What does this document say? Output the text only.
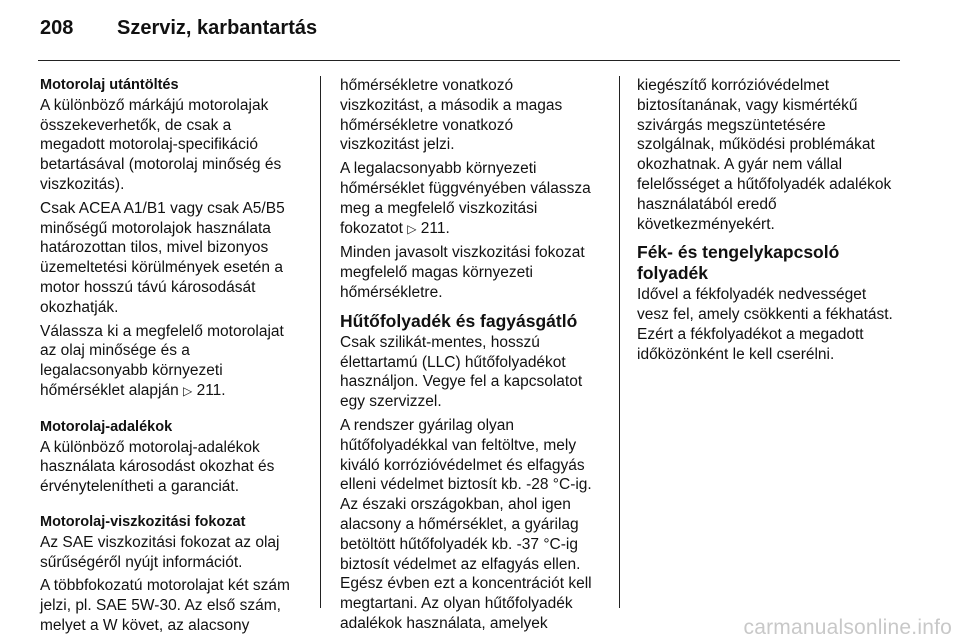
208 Szerviz, karbantartás
Motorolaj utántöltés

A különböző márkájú motorolajak
összekeverhetők, de csak a
megadott motorolaj-specifikáció
betartásával (motorolaj minőség és
viszkozitás).

Csak ACEA A1/B1 vagy csak A5/B5
minőségű motorolajok használata
határozottan tilos, mivel bizonyos
üzemeltetési körülmények esetén a
motor hosszú távú károsodását
okozhatják.

Válassza ki a megfelelő motorolajat
az olaj minősége és a
legalacsonyabb környezeti
hőmérséklet alapján ▷ 211.

Motorolaj-adalékok

A különböző motorolaj-adalékok
használata károsodást okozhat és
érvénytelenítheti a garanciát.

Motorolaj-viszkozitási fokozat

Az SAE viszkozitási fokozat az olaj
sűrűségéről nyújt információt.

A többfokozatú motorolajat két szám
jelzi, pl. SAE 5W-30. Az első szám,
melyet a W követ, az alacsony

hőmérsékletre vonatkozó
viszkozitást, a második a magas
hőmérsékletre vonatkozó
viszkozitást jelzi.

A legalacsonyabb környezeti
hőmérséklet függvényében válassza
meg a megfelelő viszkozitási
fokozatot ▷ 211.

Minden javasolt viszkozitási fokozat
megfelelő magas környezeti
hőmérsékletre.

Hűtőfolyadék és fagyásgátló

Csak szilikát-mentes, hosszú
élettartamú (LLC) hűtőfolyadékot
használjon. Vegye fel a kapcsolatot
egy szervizzel.

A rendszer gyárilag olyan
hűtőfolyadékkal van feltöltve, mely
kiváló korrózióvédelmet és elfagyás
elleni védelmet biztosít kb. -28 °C-ig.
Az északi országokban, ahol igen
alacsony a hőmérséklet, a gyárilag
betöltött hűtőfolyadék kb. -37 °C-ig
biztosít védelmet az elfagyás ellen.
Egész évben ezt a koncentrációt kell
megtartani. Az olyan hűtőfolyadék
adalékok használata, amelyek

kiegészítő korrózióvédelmet
biztosítanának, vagy kismértékű
szivárgás megszüntetésére
szolgálnak, működési problémákat
okozhatnak. A gyár nem vállal
felelősséget a hűtőfolyadék adalékok
használatából eredő
következményekért.

Fék- és tengelykapcsoló
folyadék

Idővel a fékfolyadék nedvességet
vesz fel, amely csökkenti a fékhatást.
Ezért a fékfolyadékot a megadott
időközönként le kell cserélni.

carmanualsonline.info
